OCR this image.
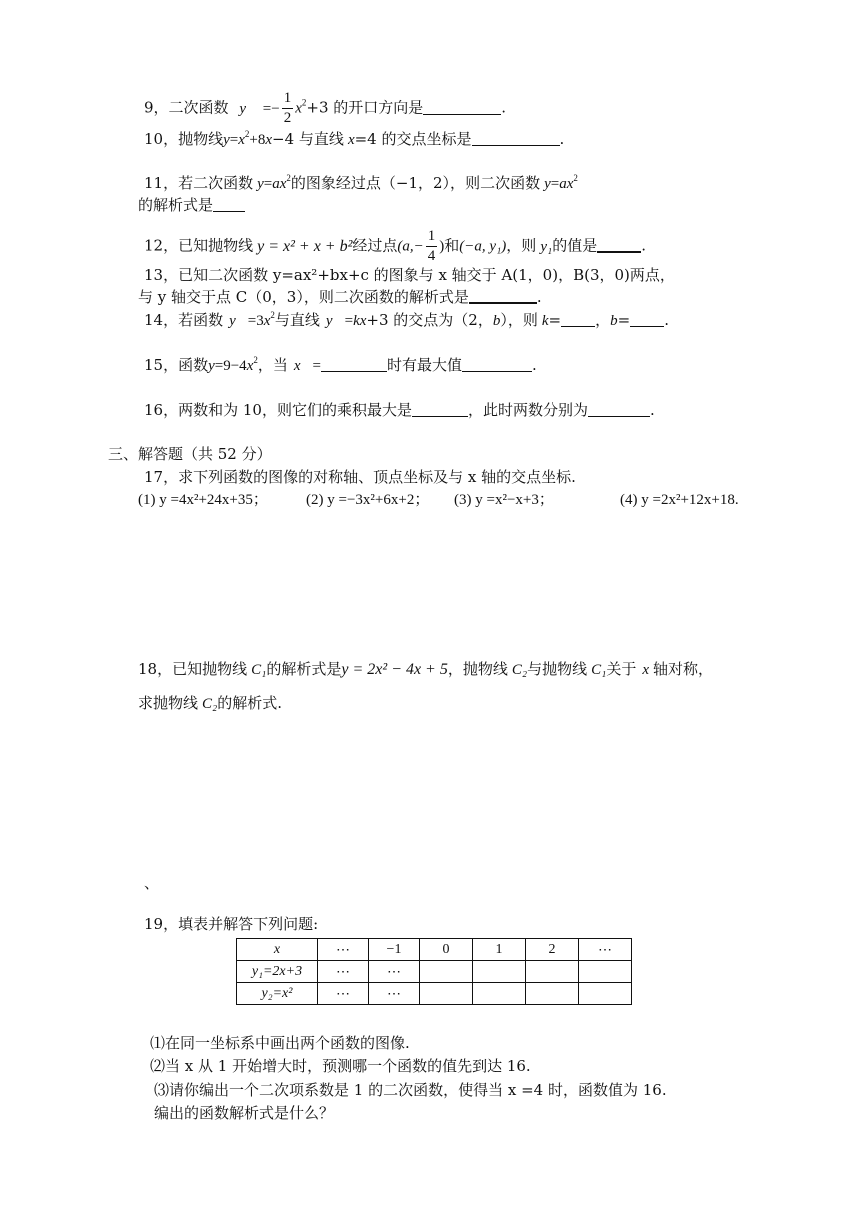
9，二次函数 $y =- \frac{1}{2} x^2+3$ 的开口方向是	.
10，抛物线$y=x^2+8x-4$ 与直线 x=4 的交点坐标是	.
11，若二次函数 $y=ax^2$的图象经过点（−1，2），则二次函数 $y=ax^2$
的解析式是
12，已知抛物线 y = x² + x + b²经过点($a,- \frac{1}{4}$ )和(−a, y₁)，则 y₁的值是	.
13，已知二次函数 y=ax²+bx+c 的图象与 x 轴交于 A(1，0)，B(3，0)两点，
与 y 轴交于点 C（0，3），则二次函数的解析式是	.
14，若函数 $y =3x^2$与直线 y =kx+3 的交点为（2，b），则 k= ，b= .
15，函数$y=9-4x^2$，当 x =	时有最大值	.
16，两数和为 10，则它们的乘积最大是	，此时两数分别为	.
三、解答题（共 52 分）
17，求下列函数的图像的对称轴、顶点坐标及与 x 轴的交点坐标.
(1) y =4x²+24x+35；	(2) y =−3x²+6x+2； (3) y =x²−x+3；	(4) y =2x²+12x+18.
18，已知抛物线 C₁的解析式是y = 2x² − 4x + 5，抛物线 C₂与抛物线 C₁关于 x 轴对称，
求抛物线 C₂的解析式.
、
19，填表并解答下列问题:
x	⋯	−1	0	1	2	⋯
y₁=2x+3	⋯	⋯				
y₂=x²	⋯	⋯				
⑴在同一坐标系中画出两个函数的图像.
⑵当 x 从 1 开始增大时，预测哪一个函数的值先到达 16.
⑶请你编出一个二次项系数是 1 的二次函数，使得当 x =4 时，函数值为 16.
编出的函数解析式是什么？
